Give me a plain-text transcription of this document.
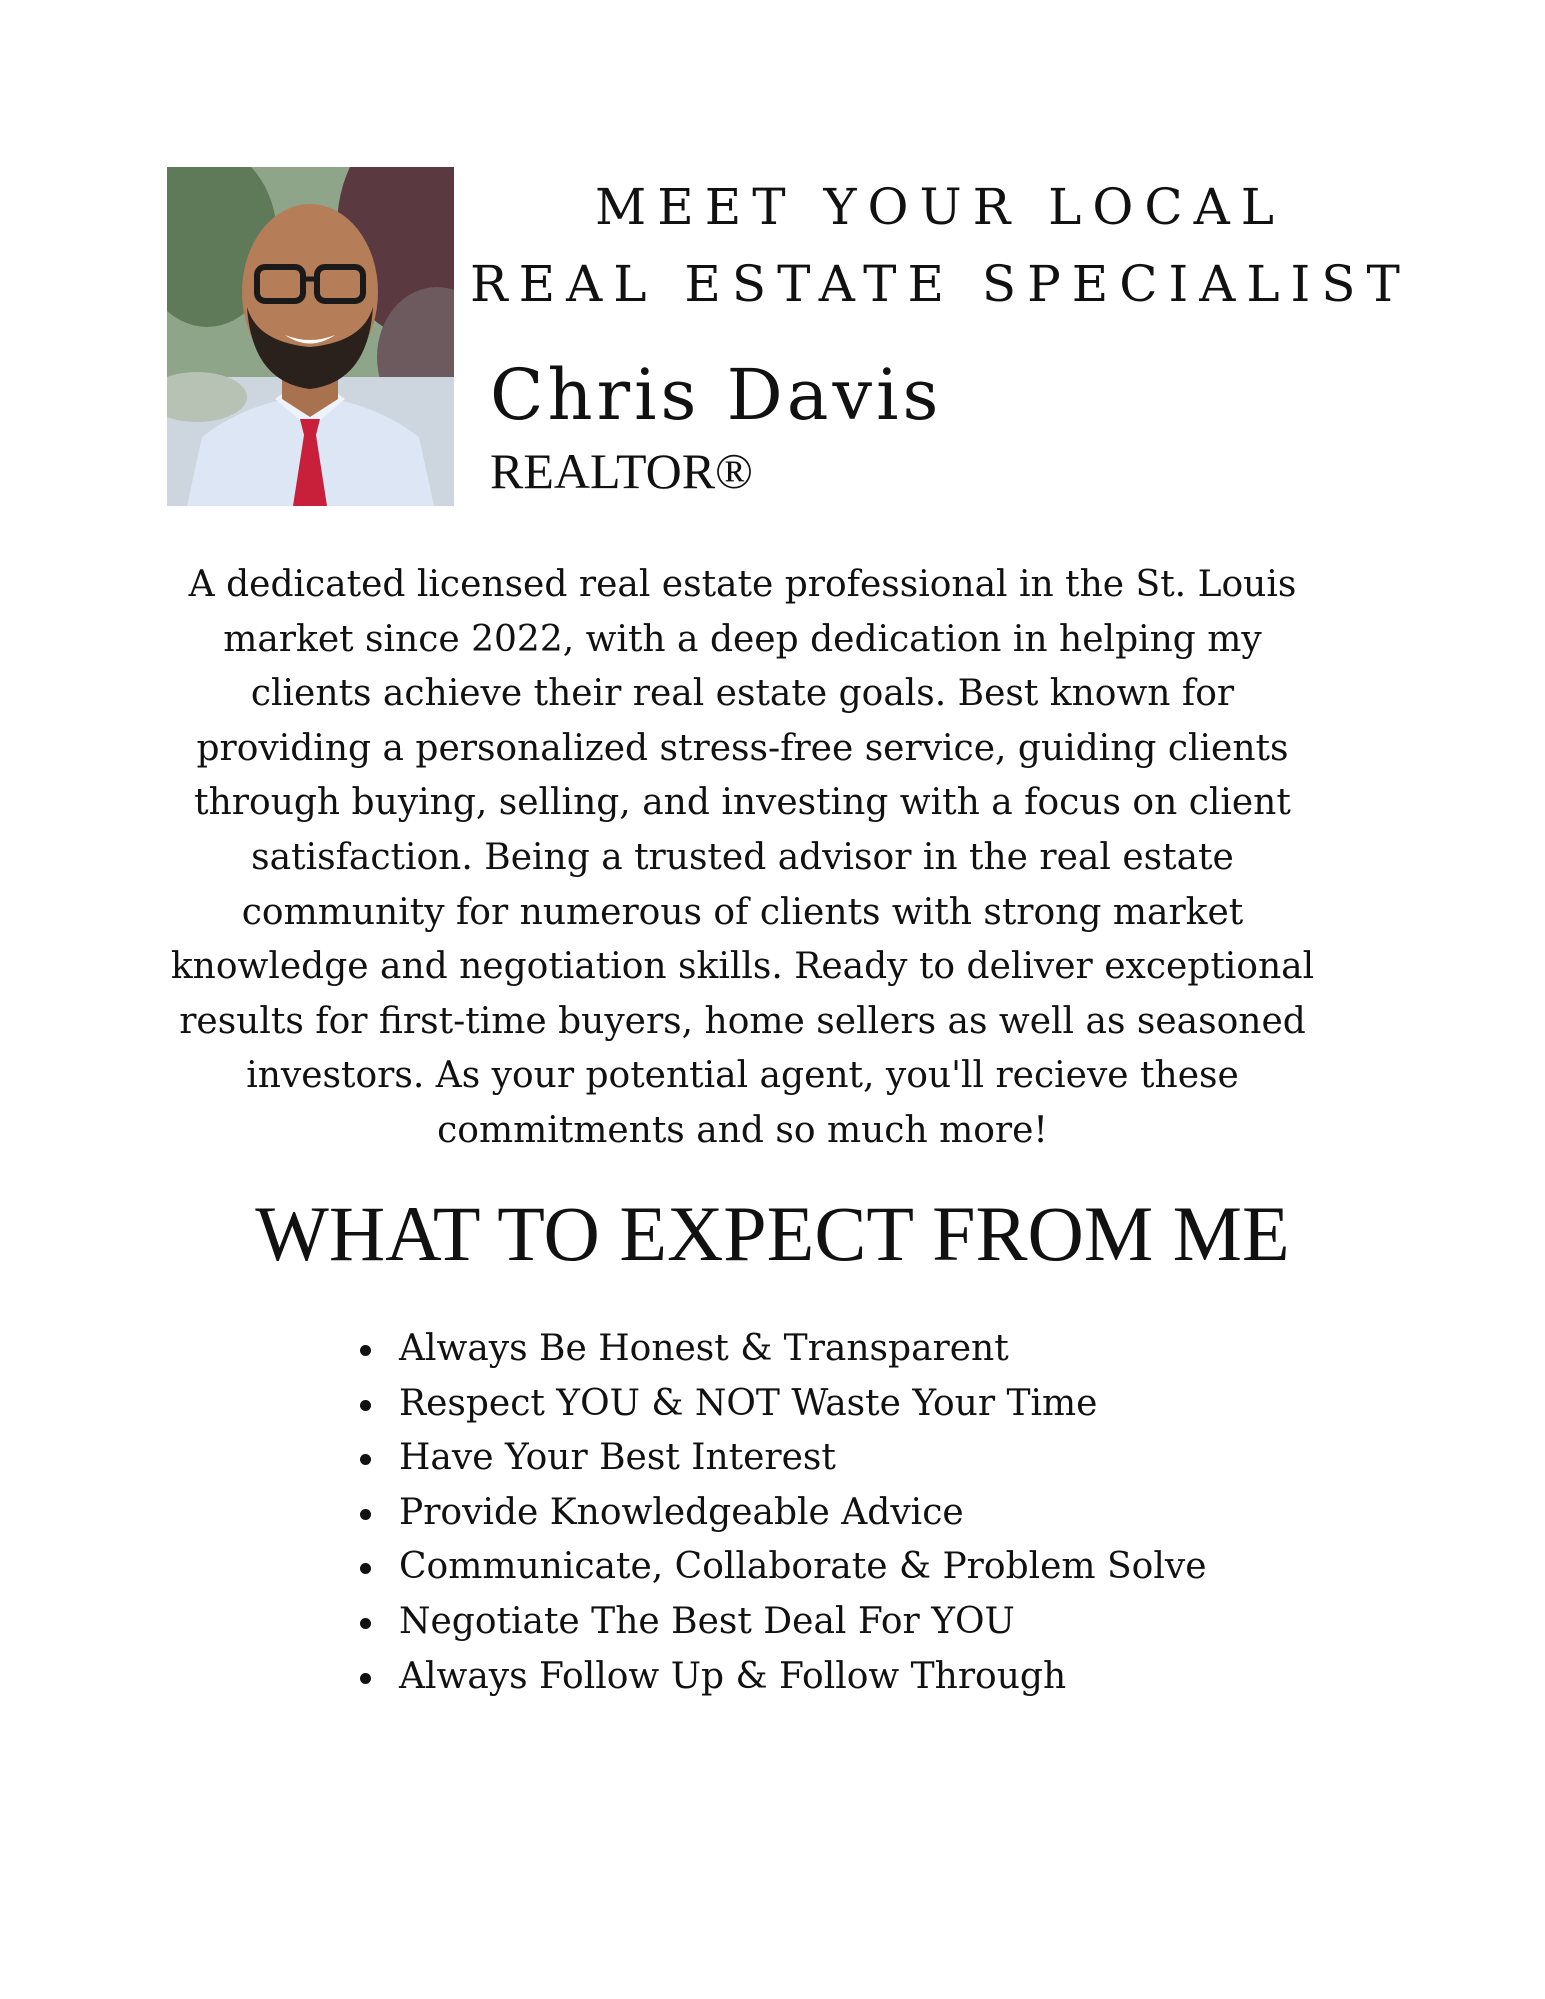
MEET YOUR LOCAL
REAL ESTATE SPECIALIST
Chris Davis
REALTOR®

A dedicated licensed real estate professional in the St. Louis market since 2022, with a deep dedication in helping my clients achieve their real estate goals. Best known for providing a personalized stress-free service, guiding clients through buying, selling, and investing with a focus on client satisfaction. Being a trusted advisor in the real estate community for numerous of clients with strong market knowledge and negotiation skills. Ready to deliver exceptional results for first-time buyers, home sellers as well as seasoned investors. As your potential agent, you'll recieve these commitments and so much more!

WHAT TO EXPECT FROM ME
Always Be Honest & Transparent
Respect YOU & NOT Waste Your Time
Have Your Best Interest
Provide Knowledgeable Advice
Communicate, Collaborate & Problem Solve
Negotiate The Best Deal For YOU
Always Follow Up & Follow Through
